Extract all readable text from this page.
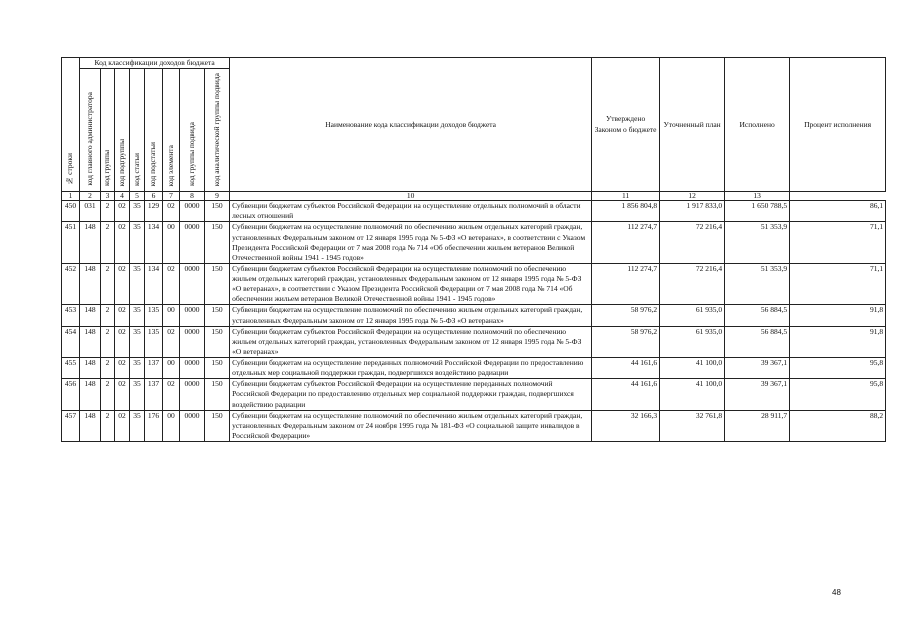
№ строки	Код классификации доходов бюджета								Наименование кода классификации доходов бюджета	Утверждено Законом о бюджете	Уточненный план	Исполнено	Процент исполнения
	код главного администратора	код группы	код подгруппы	код статьи	код подстатьи	код элемента	код группы подвида	код аналитической группы подвида					
1	2	3	4	5	6	7	8	9	10	11	12	13	
450	031	2	02	35	129	02	0000	150	Субвенции бюджетам субъектов Российской Федерации на осуществление отдельных полномочий в области лесных отношений	1 856 804,8	1 917 833,0	1 650 788,5	86,1
451	148	2	02	35	134	00	0000	150	Субвенции бюджетам на осуществление полномочий по обеспечению жильем отдельных категорий граждан, установленных Федеральным законом от 12 января 1995 года № 5-ФЗ «О ветеранах», в соответствии с Указом Президента Российской Федерации от 7 мая 2008 года № 714 «Об обеспечении жильем ветеранов Великой Отечественной войны 1941 - 1945 годов»	112 274,7	72 216,4	51 353,9	71,1
452	148	2	02	35	134	02	0000	150	Субвенции бюджетам субъектов Российской Федерации на осуществление полномочий по обеспечению жильем отдельных категорий граждан, установленных Федеральным законом от 12 января 1995 года № 5-ФЗ «О ветеранах», в соответствии с Указом Президента Российской Федерации от 7 мая 2008 года № 714 «Об обеспечении жильем ветеранов Великой Отечественной войны 1941 - 1945 годов»	112 274,7	72 216,4	51 353,9	71,1
453	148	2	02	35	135	00	0000	150	Субвенции бюджетам на осуществление полномочий по обеспечению жильем отдельных категорий граждан, установленных Федеральным законом от 12 января 1995 года № 5-ФЗ «О ветеранах»	58 976,2	61 935,0	56 884,5	91,8
454	148	2	02	35	135	02	0000	150	Субвенции бюджетам субъектов Российской Федерации на осуществление полномочий по обеспечению жильем отдельных категорий граждан, установленных Федеральным законом от 12 января 1995 года № 5-ФЗ «О ветеранах»	58 976,2	61 935,0	56 884,5	91,8
455	148	2	02	35	137	00	0000	150	Субвенции бюджетам на осуществление переданных полномочий Российской Федерации по предоставлению отдельных мер социальной поддержки граждан, подвергшихся воздействию радиации	44 161,6	41 100,0	39 367,1	95,8
456	148	2	02	35	137	02	0000	150	Субвенции бюджетам субъектов Российской Федерации на осуществление переданных полномочий Российской Федерации по предоставлению отдельных мер социальной поддержки граждан, подвергшихся воздействию радиации	44 161,6	41 100,0	39 367,1	95,8
457	148	2	02	35	176	00	0000	150	Субвенции бюджетам на осуществление полномочий по обеспечению жильем отдельных категорий граждан, установленных Федеральным законом от 24 ноября 1995 года № 181-ФЗ «О социальной защите инвалидов в Российской Федерации»	32 166,3	32 761,8	28 911,7	88,2
48
